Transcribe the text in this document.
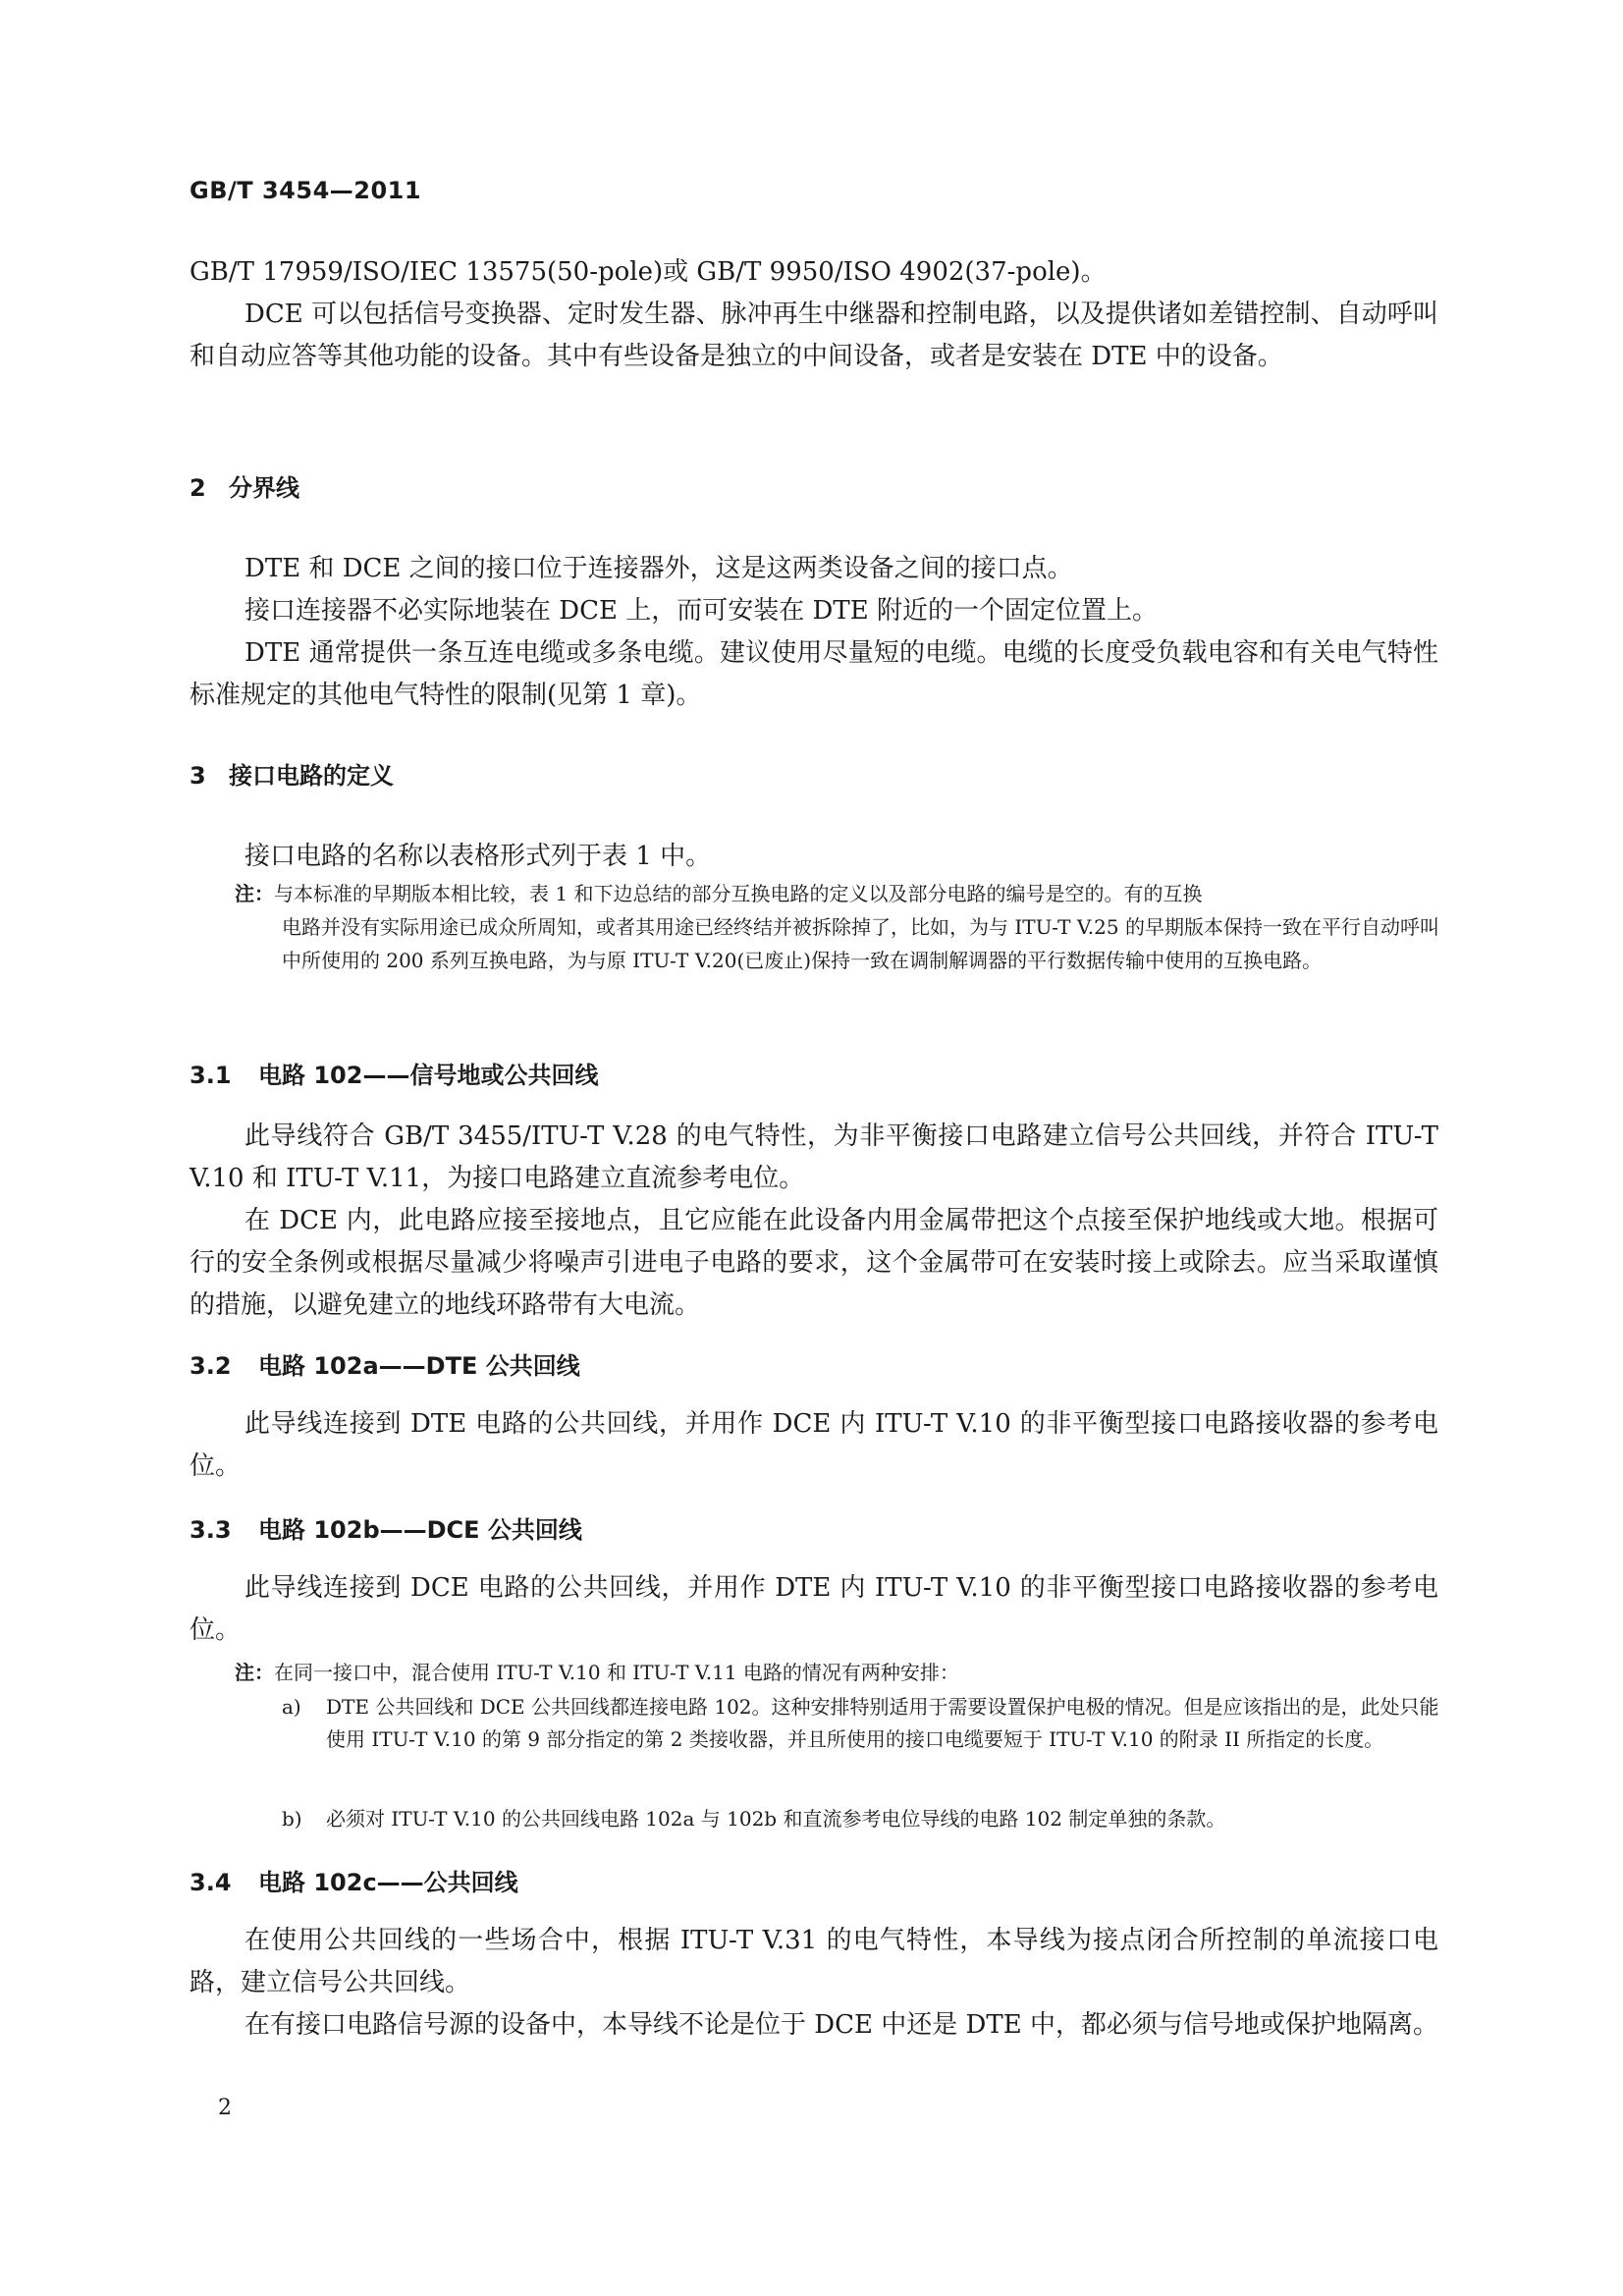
GB/T 3454—2011

GB/T 17959/ISO/IEC 13575(50-pole)或 GB/T 9950/ISO 4902(37-pole)。

DCE 可以包括信号变换器、定时发生器、脉冲再生中继器和控制电路，以及提供诸如差错控制、自动呼叫和自动应答等其他功能的设备。其中有些设备是独立的中间设备，或者是安装在 DTE 中的设备。

2 分界线

DTE 和 DCE 之间的接口位于连接器外，这是这两类设备之间的接口点。

接口连接器不必实际地装在 DCE 上，而可安装在 DTE 附近的一个固定位置上。

DTE 通常提供一条互连电缆或多条电缆。建议使用尽量短的电缆。电缆的长度受负载电容和有关电气特性标准规定的其他电气特性的限制(见第 1 章)。

3 接口电路的定义

接口电路的名称以表格形式列于表 1 中。

注：与本标准的早期版本相比较，表 1 和下边总结的部分互换电路的定义以及部分电路的编号是空的。有的互换
电路并没有实际用途已成众所周知，或者其用途已经终结并被拆除掉了，比如，为与 ITU-T V.25 的早期版本保持一致在平行自动呼叫中所使用的 200 系列互换电路，为与原 ITU-T V.20(已废止)保持一致在调制解调器的平行数据传输中使用的互换电路。
3.1 电路 102——信号地或公共回线

此导线符合 GB/T 3455/ITU-T V.28 的电气特性，为非平衡接口电路建立信号公共回线，并符合 ITU-T V.10 和 ITU-T V.11，为接口电路建立直流参考电位。

在 DCE 内，此电路应接至接地点，且它应能在此设备内用金属带把这个点接至保护地线或大地。根据可行的安全条例或根据尽量减少将噪声引进电子电路的要求，这个金属带可在安装时接上或除去。应当采取谨慎的措施，以避免建立的地线环路带有大电流。

3.2 电路 102a——DTE 公共回线

此导线连接到 DTE 电路的公共回线，并用作 DCE 内 ITU-T V.10 的非平衡型接口电路接收器的参考电位。

3.3 电路 102b——DCE 公共回线

此导线连接到 DCE 电路的公共回线，并用作 DTE 内 ITU-T V.10 的非平衡型接口电路接收器的参考电位。

注：在同一接口中，混合使用 ITU-T V.10 和 ITU-T V.11 电路的情况有两种安排：
a)	DTE 公共回线和 DCE 公共回线都连接电路 102。这种安排特别适用于需要设置保护电极的情况。但是应该指出的是，此处只能使用 ITU-T V.10 的第 9 部分指定的第 2 类接收器，并且所使用的接口电缆要短于 ITU-T V.10 的附录 II 所指定的长度。
b)	必须对 ITU-T V.10 的公共回线电路 102a 与 102b 和直流参考电位导线的电路 102 制定单独的条款。
3.4 电路 102c——公共回线

在使用公共回线的一些场合中，根据 ITU-T V.31 的电气特性，本导线为接点闭合所控制的单流接口电路，建立信号公共回线。

在有接口电路信号源的设备中，本导线不论是位于 DCE 中还是 DTE 中，都必须与信号地或保护地隔离。

2
